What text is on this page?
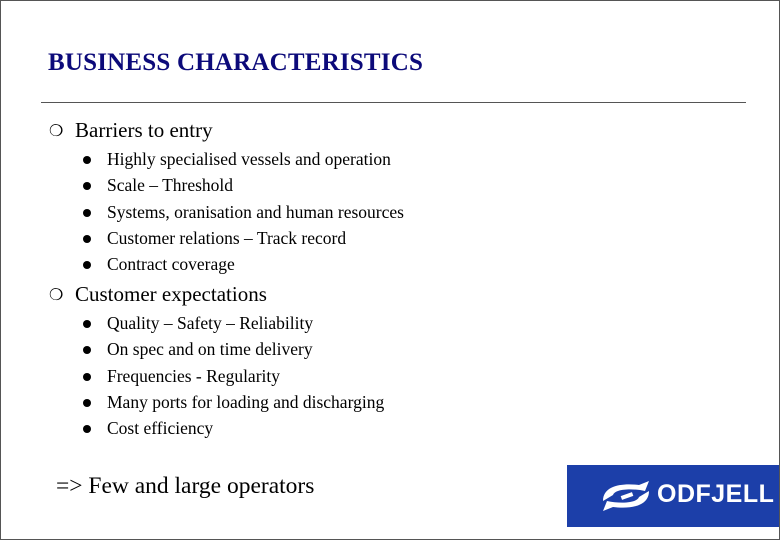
BUSINESS CHARACTERISTICS
❍ Barriers to entry
Highly specialised vessels and operation
Scale – Threshold
Systems, oranisation and human resources
Customer relations – Track record
Contract coverage
❍ Customer expectations
Quality – Safety – Reliability
On spec and on time delivery
Frequencies - Regularity
Many ports for loading and discharging
Cost efficiency
=> Few and large operators	ODFJELL
